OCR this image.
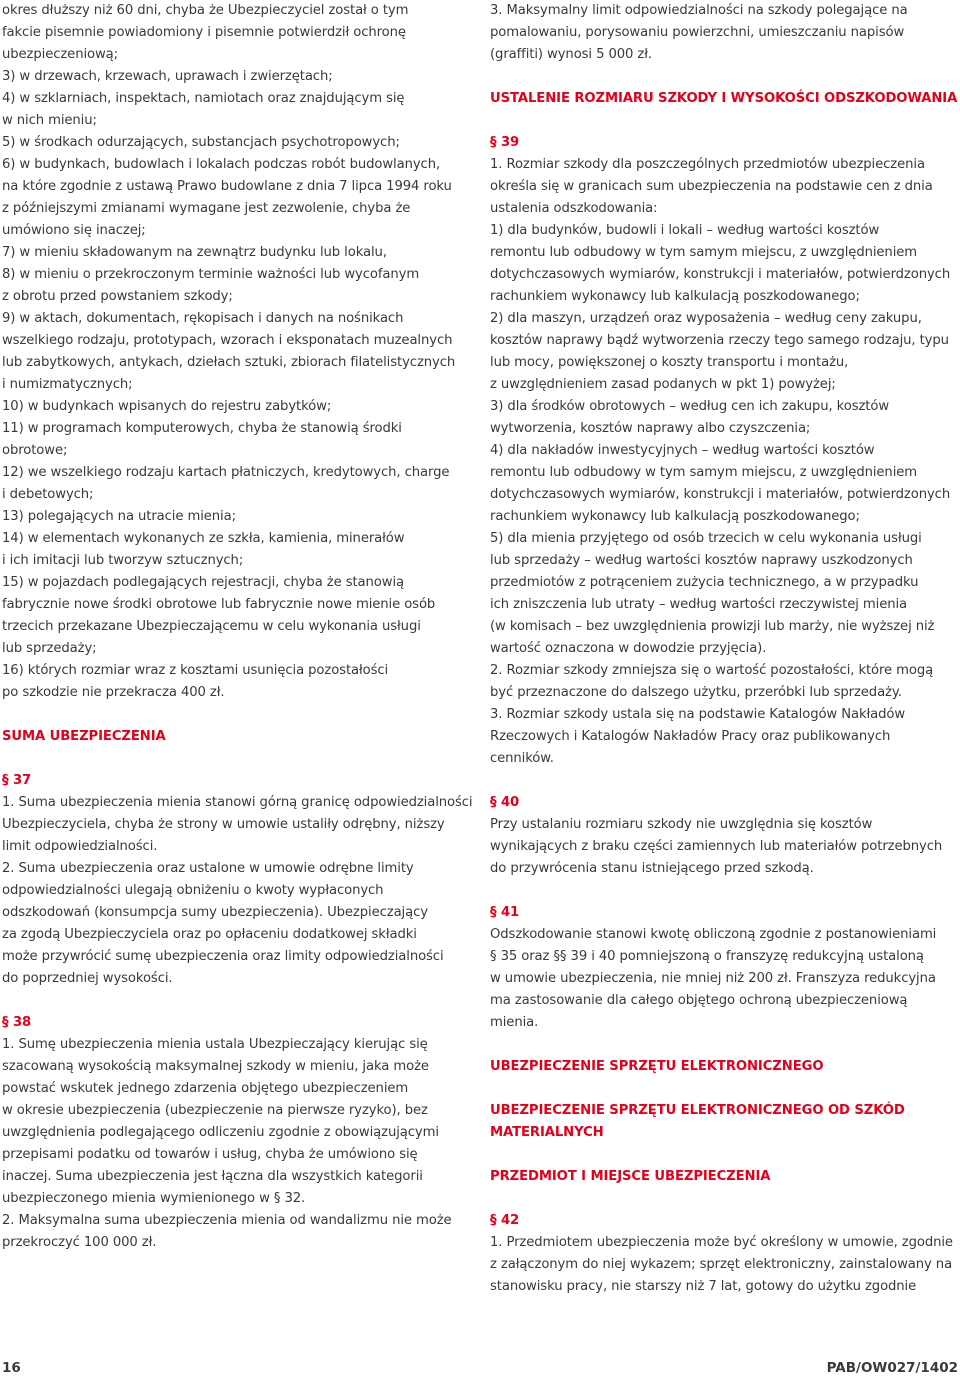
okres dłuższy niż 60 dni, chyba że Ubezpieczyciel został o tym
fakcie pisemnie powiadomiony i pisemnie potwierdził ochronę
ubezpieczeniową;
3) w drzewach, krzewach, uprawach i zwierzętach;
4) w szklarniach, inspektach, namiotach oraz znajdującym się
w nich mieniu;
5) w środkach odurzających, substancjach psychotropowych;
6) w budynkach, budowlach i lokalach podczas robót budowlanych,
na które zgodnie z ustawą Prawo budowlane z dnia 7 lipca 1994 roku
z późniejszymi zmianami wymagane jest zezwolenie, chyba że
umówiono się inaczej;
7) w mieniu składowanym na zewnątrz budynku lub lokalu,
8) w mieniu o przekroczonym terminie ważności lub wycofanym
z obrotu przed powstaniem szkody;
9) w aktach, dokumentach, rękopisach i danych na nośnikach
wszelkiego rodzaju, prototypach, wzorach i eksponatach muzealnych
lub zabytkowych, antykach, dziełach sztuki, zbiorach filatelistycznych
i numizmatycznych;
10) w budynkach wpisanych do rejestru zabytków;
11) w programach komputerowych, chyba że stanowią środki
obrotowe;
12) we wszelkiego rodzaju kartach płatniczych, kredytowych, charge
i debetowych;
13) polegających na utracie mienia;
14) w elementach wykonanych ze szkła, kamienia, minerałów
i ich imitacji lub tworzyw sztucznych;
15) w pojazdach podlegających rejestracji, chyba że stanowią
fabrycznie nowe środki obrotowe lub fabrycznie nowe mienie osób
trzecich przekazane Ubezpieczającemu w celu wykonania usługi
lub sprzedaży;
16) których rozmiar wraz z kosztami usunięcia pozostałości
po szkodzie nie przekracza 400 zł.
SUMA UBEZPIECZENIA
§ 37
1. Suma ubezpieczenia mienia stanowi górną granicę odpowiedzialności
Ubezpieczyciela, chyba że strony w umowie ustaliły odrębny, niższy
limit odpowiedzialności.
2. Suma ubezpieczenia oraz ustalone w umowie odrębne limity
odpowiedzialności ulegają obniżeniu o kwoty wypłaconych
odszkodowań (konsumpcja sumy ubezpieczenia). Ubezpieczający
za zgodą Ubezpieczyciela oraz po opłaceniu dodatkowej składki
może przywrócić sumę ubezpieczenia oraz limity odpowiedzialności
do poprzedniej wysokości.
§ 38
1. Sumę ubezpieczenia mienia ustala Ubezpieczający kierując się
szacowaną wysokością maksymalnej szkody w mieniu, jaka może
powstać wskutek jednego zdarzenia objętego ubezpieczeniem
w okresie ubezpieczenia (ubezpieczenie na pierwsze ryzyko), bez
uwzględnienia podlegającego odliczeniu zgodnie z obowiązującymi
przepisami podatku od towarów i usług, chyba że umówiono się
inaczej. Suma ubezpieczenia jest łączna dla wszystkich kategorii
ubezpieczonego mienia wymienionego w § 32.
2. Maksymalna suma ubezpieczenia mienia od wandalizmu nie może
przekroczyć 100 000 zł.
3. Maksymalny limit odpowiedzialności na szkody polegające na
pomalowaniu, porysowaniu powierzchni, umieszczaniu napisów
(graffiti) wynosi 5 000 zł.
USTALENIE ROZMIARU SZKODY I WYSOKOŚCI ODSZKODOWANIA
§ 39
1. Rozmiar szkody dla poszczególnych przedmiotów ubezpieczenia
określa się w granicach sum ubezpieczenia na podstawie cen z dnia
ustalenia odszkodowania:
1) dla budynków, budowli i lokali – według wartości kosztów
remontu lub odbudowy w tym samym miejscu, z uwzględnieniem
dotychczasowych wymiarów, konstrukcji i materiałów, potwierdzonych
rachunkiem wykonawcy lub kalkulacją poszkodowanego;
2) dla maszyn, urządzeń oraz wyposażenia – według ceny zakupu,
kosztów naprawy bądź wytworzenia rzeczy tego samego rodzaju, typu
lub mocy, powiększonej o koszty transportu i montażu,
z uwzględnieniem zasad podanych w pkt 1) powyżej;
3) dla środków obrotowych – według cen ich zakupu, kosztów
wytworzenia, kosztów naprawy albo czyszczenia;
4) dla nakładów inwestycyjnych – według wartości kosztów
remontu lub odbudowy w tym samym miejscu, z uwzględnieniem
dotychczasowych wymiarów, konstrukcji i materiałów, potwierdzonych
rachunkiem wykonawcy lub kalkulacją poszkodowanego;
5) dla mienia przyjętego od osób trzecich w celu wykonania usługi
lub sprzedaży – według wartości kosztów naprawy uszkodzonych
przedmiotów z potrąceniem zużycia technicznego, a w przypadku
ich zniszczenia lub utraty – według wartości rzeczywistej mienia
(w komisach – bez uwzględnienia prowizji lub marży, nie wyższej niż
wartość oznaczona w dowodzie przyjęcia).
2. Rozmiar szkody zmniejsza się o wartość pozostałości, które mogą
być przeznaczone do dalszego użytku, przeróbki lub sprzedaży.
3. Rozmiar szkody ustala się na podstawie Katalogów Nakładów
Rzeczowych i Katalogów Nakładów Pracy oraz publikowanych
cenników.
§ 40
Przy ustalaniu rozmiaru szkody nie uwzględnia się kosztów
wynikających z braku części zamiennych lub materiałów potrzebnych
do przywrócenia stanu istniejącego przed szkodą.
§ 41
Odszkodowanie stanowi kwotę obliczoną zgodnie z postanowieniami
§ 35 oraz §§ 39 i 40 pomniejszoną o franszyzę redukcyjną ustaloną
w umowie ubezpieczenia, nie mniej niż 200 zł. Franszyza redukcyjna
ma zastosowanie dla całego objętego ochroną ubezpieczeniową
mienia.
UBEZPIECZENIE SPRZĘTU ELEKTRONICZNEGO
UBEZPIECZENIE SPRZĘTU ELEKTRONICZNEGO OD SZKÓD
MATERIALNYCH
PRZEDMIOT I MIEJSCE UBEZPIECZENIA
§ 42
1. Przedmiotem ubezpieczenia może być określony w umowie, zgodnie
z załączonym do niej wykazem; sprzęt elektroniczny, zainstalowany na
stanowisku pracy, nie starszy niż 7 lat, gotowy do użytku zgodnie
16	PAB/OW027/1402
